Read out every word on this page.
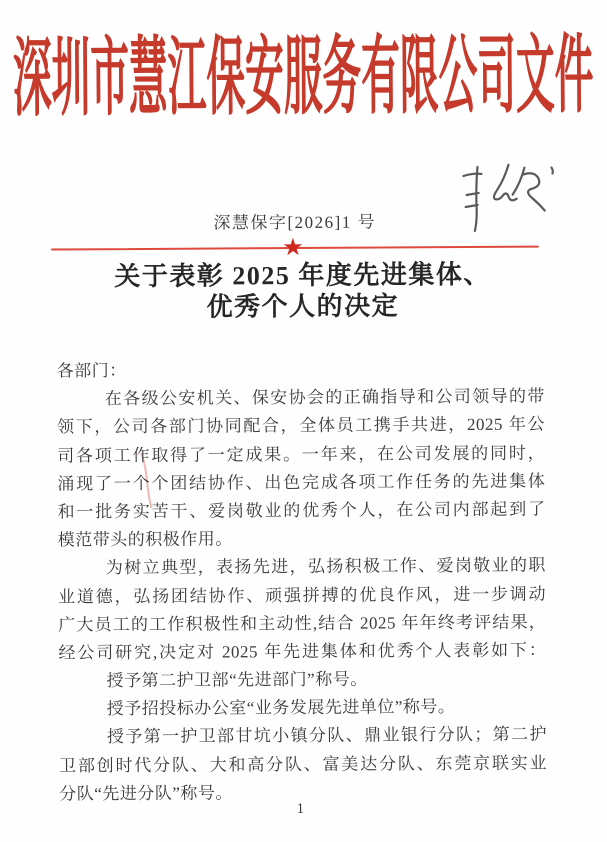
深圳市慧江保安服务有限公司文件
深慧保字[2026]1 号
★
关于表彰 2025 年度先进集体、
优秀个人的决定
各部门：
在各级公安机关、保安协会的正确指导和公司领导的带
领下，公司各部门协同配合，全体员工携手共进，2025 年公
司各项工作取得了一定成果。一年来，在公司发展的同时，
涌现了一个个团结协作、出色完成各项工作任务的先进集体
和一批务实苦干、爱岗敬业的优秀个人，在公司内部起到了
模范带头的积极作用。
为树立典型，表扬先进，弘扬积极工作、爱岗敬业的职
业道德，弘扬团结协作、顽强拼搏的优良作风，进一步调动
广大员工的工作积极性和主动性,结合 2025 年年终考评结果，
经公司研究,决定对 2025 年先进集体和优秀个人表彰如下：
授予第二护卫部“先进部门”称号。
授予招投标办公室“业务发展先进单位”称号。
授予第一护卫部甘坑小镇分队、鼎业银行分队；第二护
卫部创时代分队、大和高分队、富美达分队、东莞京联实业
分队“先进分队”称号。
1
